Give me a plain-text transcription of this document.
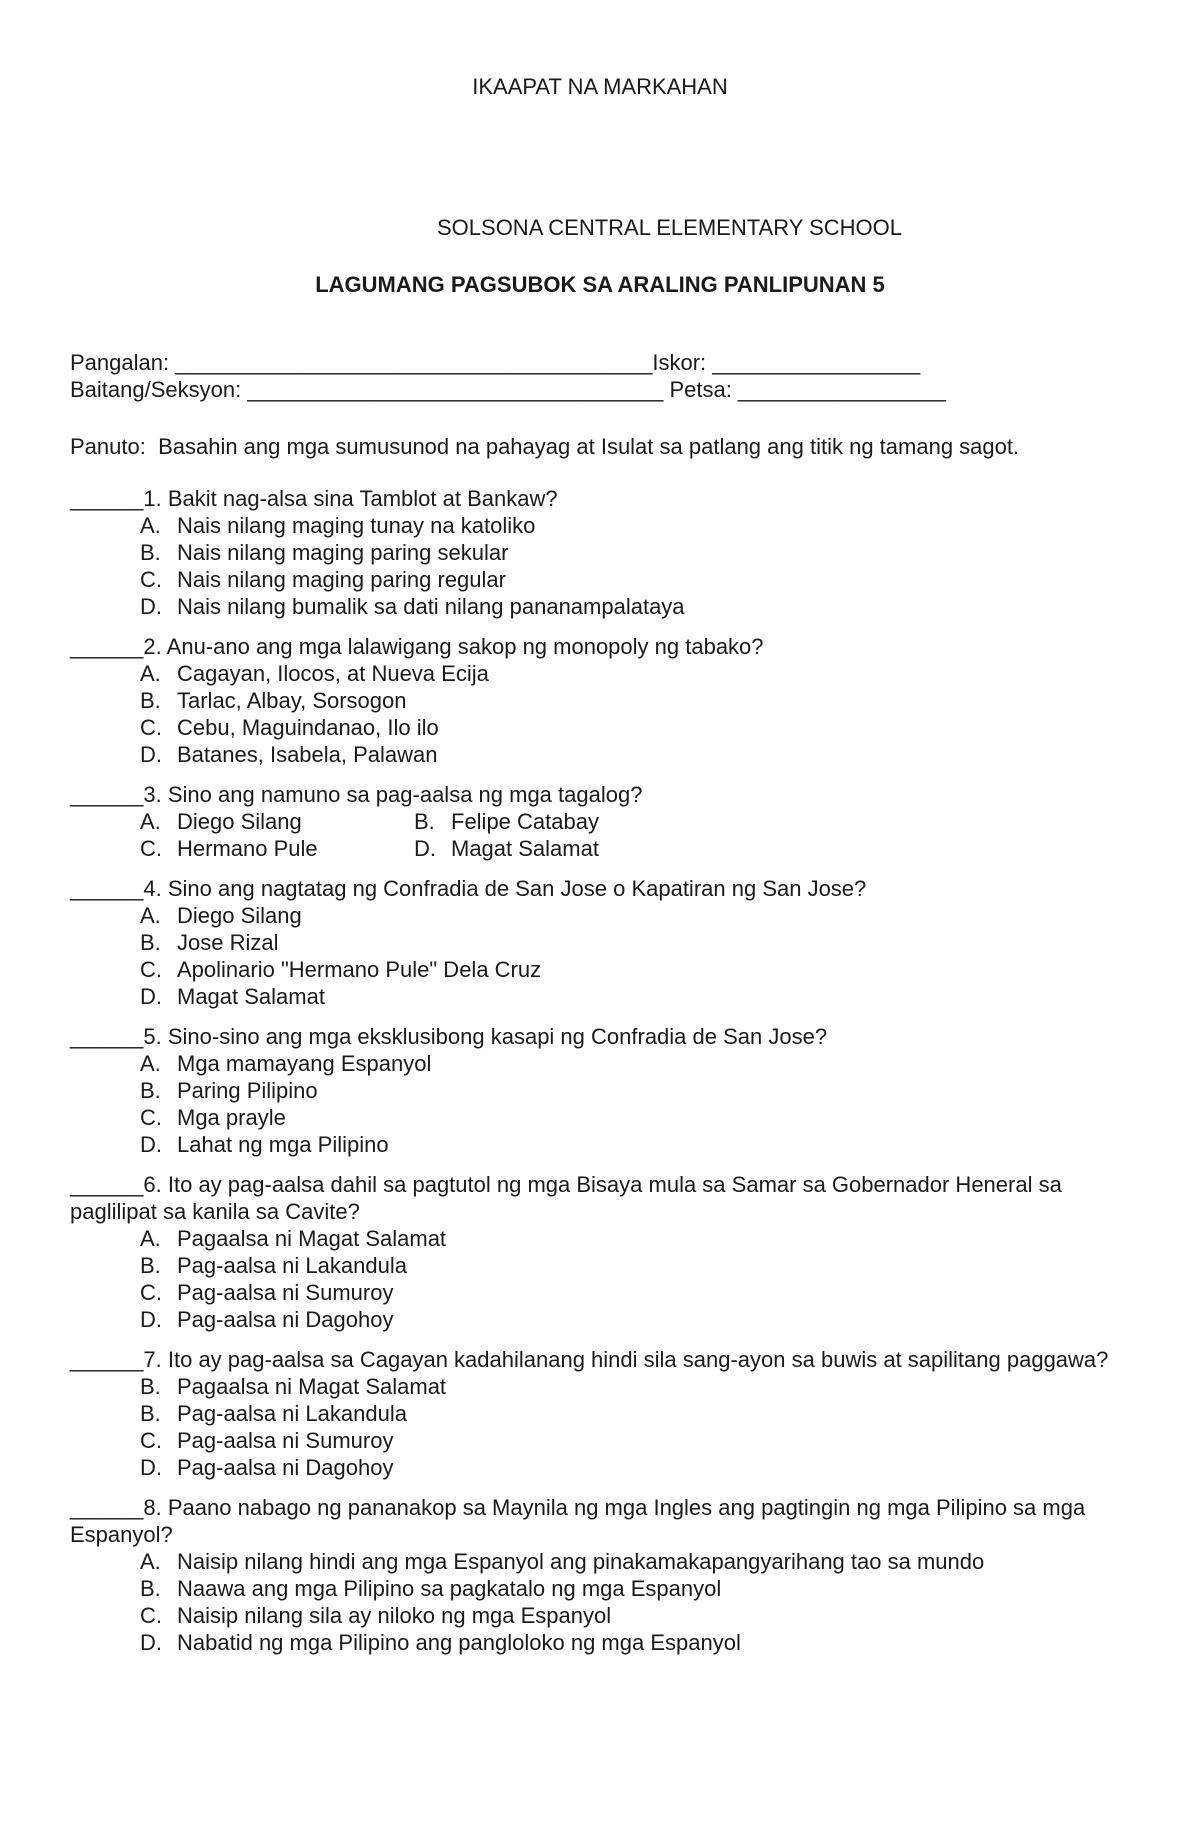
IKAAPAT NA MARKAHAN
SOLSONA CENTRAL ELEMENTARY SCHOOL
LAGUMANG PAGSUBOK SA ARALING PANLIPUNAN 5
Pangalan: _______________________________________Iskor: _________________
Baitang/Seksyon: __________________________________ Petsa: _________________
Panuto:  Basahin ang mga sumusunod na pahayag at Isulat sa patlang ang titik ng tamang sagot.
______1. Bakit nag-alsa sina Tamblot at Bankaw?
A. Nais nilang maging tunay na katoliko
B. Nais nilang maging paring sekular
C. Nais nilang maging paring regular
D. Nais nilang bumalik sa dati nilang pananampalataya
______2. Anu-ano ang mga lalawigang sakop ng monopoly ng tabako?
A. Cagayan, Ilocos, at Nueva Ecija
B. Tarlac, Albay, Sorsogon
C. Cebu, Maguindanao, Ilo ilo
D. Batanes, Isabela, Palawan
______3. Sino ang namuno sa pag-aalsa ng mga tagalog?
A. Diego Silang	B. Felipe Catabay
C. Hermano Pule	D. Magat Salamat
______4. Sino ang nagtatag ng Confradia de San Jose o Kapatiran ng San Jose?
A. Diego Silang
B. Jose Rizal
C. Apolinario "Hermano Pule" Dela Cruz
D. Magat Salamat
______5. Sino-sino ang mga eksklusibong kasapi ng Confradia de San Jose?
A. Mga mamayang Espanyol
B. Paring Pilipino
C. Mga prayle
D. Lahat ng mga Pilipino
______6. Ito ay pag-aalsa dahil sa pagtutol ng mga Bisaya mula sa Samar sa Gobernador Heneral sa paglilipat sa kanila sa Cavite?
A. Pagaalsa ni Magat Salamat
B. Pag-aalsa ni Lakandula
C. Pag-aalsa ni Sumuroy
D. Pag-aalsa ni Dagohoy
______7. Ito ay pag-aalsa sa Cagayan kadahilanang hindi sila sang-ayon sa buwis at sapilitang paggawa?
B. Pagaalsa ni Magat Salamat
B. Pag-aalsa ni Lakandula
C. Pag-aalsa ni Sumuroy
D. Pag-aalsa ni Dagohoy
______8. Paano nabago ng pananakop sa Maynila ng mga Ingles ang pagtingin ng mga Pilipino sa mga Espanyol?
A. Naisip nilang hindi ang mga Espanyol ang pinakamakapangyarihang tao sa mundo
B. Naawa ang mga Pilipino sa pagkatalo ng mga Espanyol
C. Naisip nilang sila ay niloko ng mga Espanyol
D. Nabatid ng mga Pilipino ang pangloloko ng mga Espanyol
